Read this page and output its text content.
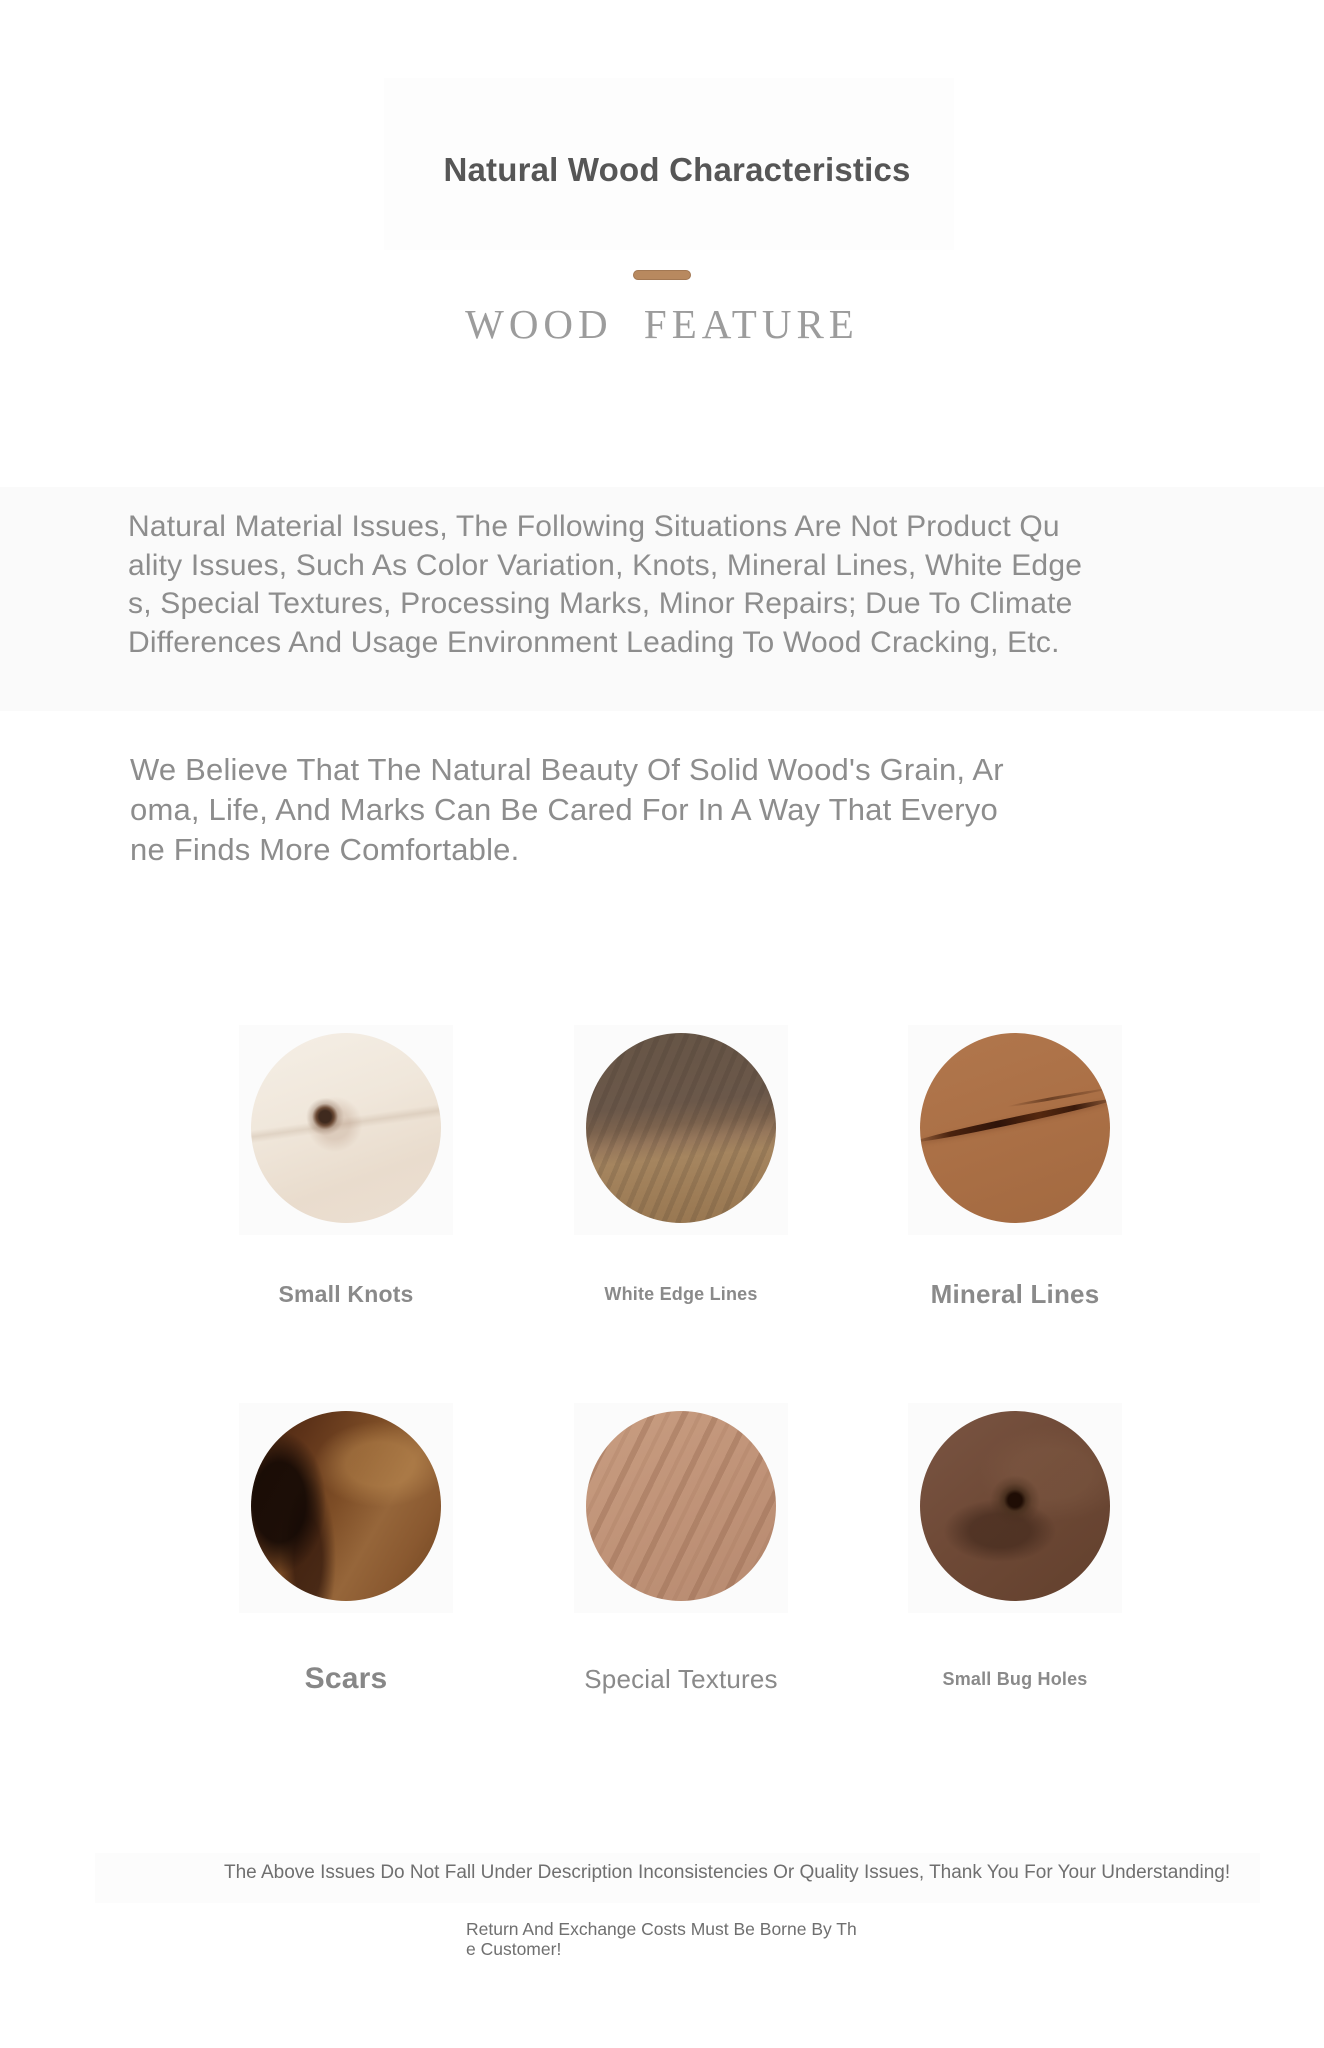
Natural Wood Characteristics
WOOD FEATURE
Natural Material Issues, The Following Situations Are Not Product Qu
ality Issues, Such As Color Variation, Knots, Mineral Lines, White Edge
s, Special Textures, Processing Marks, Minor Repairs; Due To Climate
Differences And Usage Environment Leading To Wood Cracking, Etc.
We Believe That The Natural Beauty Of Solid Wood's Grain, Ar
oma, Life, And Marks Can Be Cared For In A Way That Everyo
ne Finds More Comfortable.
Small Knots	White Edge Lines	Mineral Lines
Scars	Special Textures	Small Bug Holes
The Above Issues Do Not Fall Under Description Inconsistencies Or Quality Issues, Thank You For Your Understanding!
Return And Exchange Costs Must Be Borne By Th
e Customer!
